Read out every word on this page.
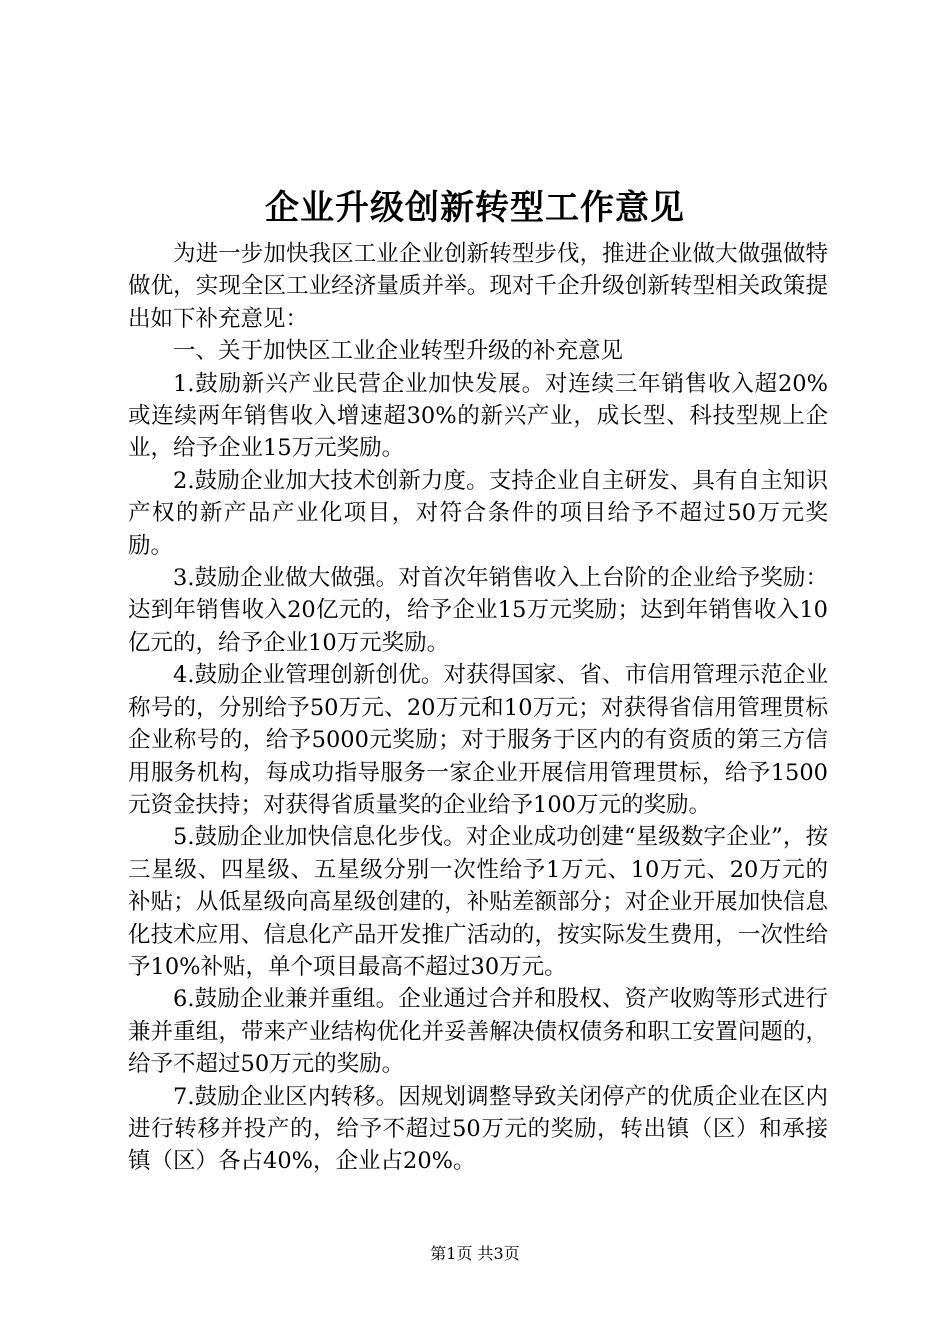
企业升级创新转型工作意见

为进一步加快我区工业企业创新转型步伐，推进企业做大做强做特做优，实现全区工业经济量质并举。现对千企升级创新转型相关政策提出如下补充意见：

一、关于加快区工业企业转型升级的补充意见

1.鼓励新兴产业民营企业加快发展。对连续三年销售收入超20%或连续两年销售收入增速超30%的新兴产业，成长型、科技型规上企业，给予企业15万元奖励。

2.鼓励企业加大技术创新力度。支持企业自主研发、具有自主知识产权的新产品产业化项目，对符合条件的项目给予不超过50万元奖励。

3.鼓励企业做大做强。对首次年销售收入上台阶的企业给予奖励：达到年销售收入20亿元的，给予企业15万元奖励；达到年销售收入10亿元的，给予企业10万元奖励。

4.鼓励企业管理创新创优。对获得国家、省、市信用管理示范企业称号的，分别给予50万元、20万元和10万元；对获得省信用管理贯标企业称号的，给予5000元奖励；对于服务于区内的有资质的第三方信用服务机构，每成功指导服务一家企业开展信用管理贯标，给予1500元资金扶持；对获得省质量奖的企业给予100万元的奖励。

5.鼓励企业加快信息化步伐。对企业成功创建“星级数字企业”，按三星级、四星级、五星级分别一次性给予1万元、10万元、20万元的补贴；从低星级向高星级创建的，补贴差额部分；对企业开展加快信息化技术应用、信息化产品开发推广活动的，按实际发生费用，一次性给予10%补贴，单个项目最高不超过30万元。

6.鼓励企业兼并重组。企业通过合并和股权、资产收购等形式进行兼并重组，带来产业结构优化并妥善解决债权债务和职工安置问题的，给予不超过50万元的奖励。

7.鼓励企业区内转移。因规划调整导致关闭停产的优质企业在区内进行转移并投产的，给予不超过50万元的奖励，转出镇（区）和承接镇（区）各占40%，企业占20%。

第1页 共3页
